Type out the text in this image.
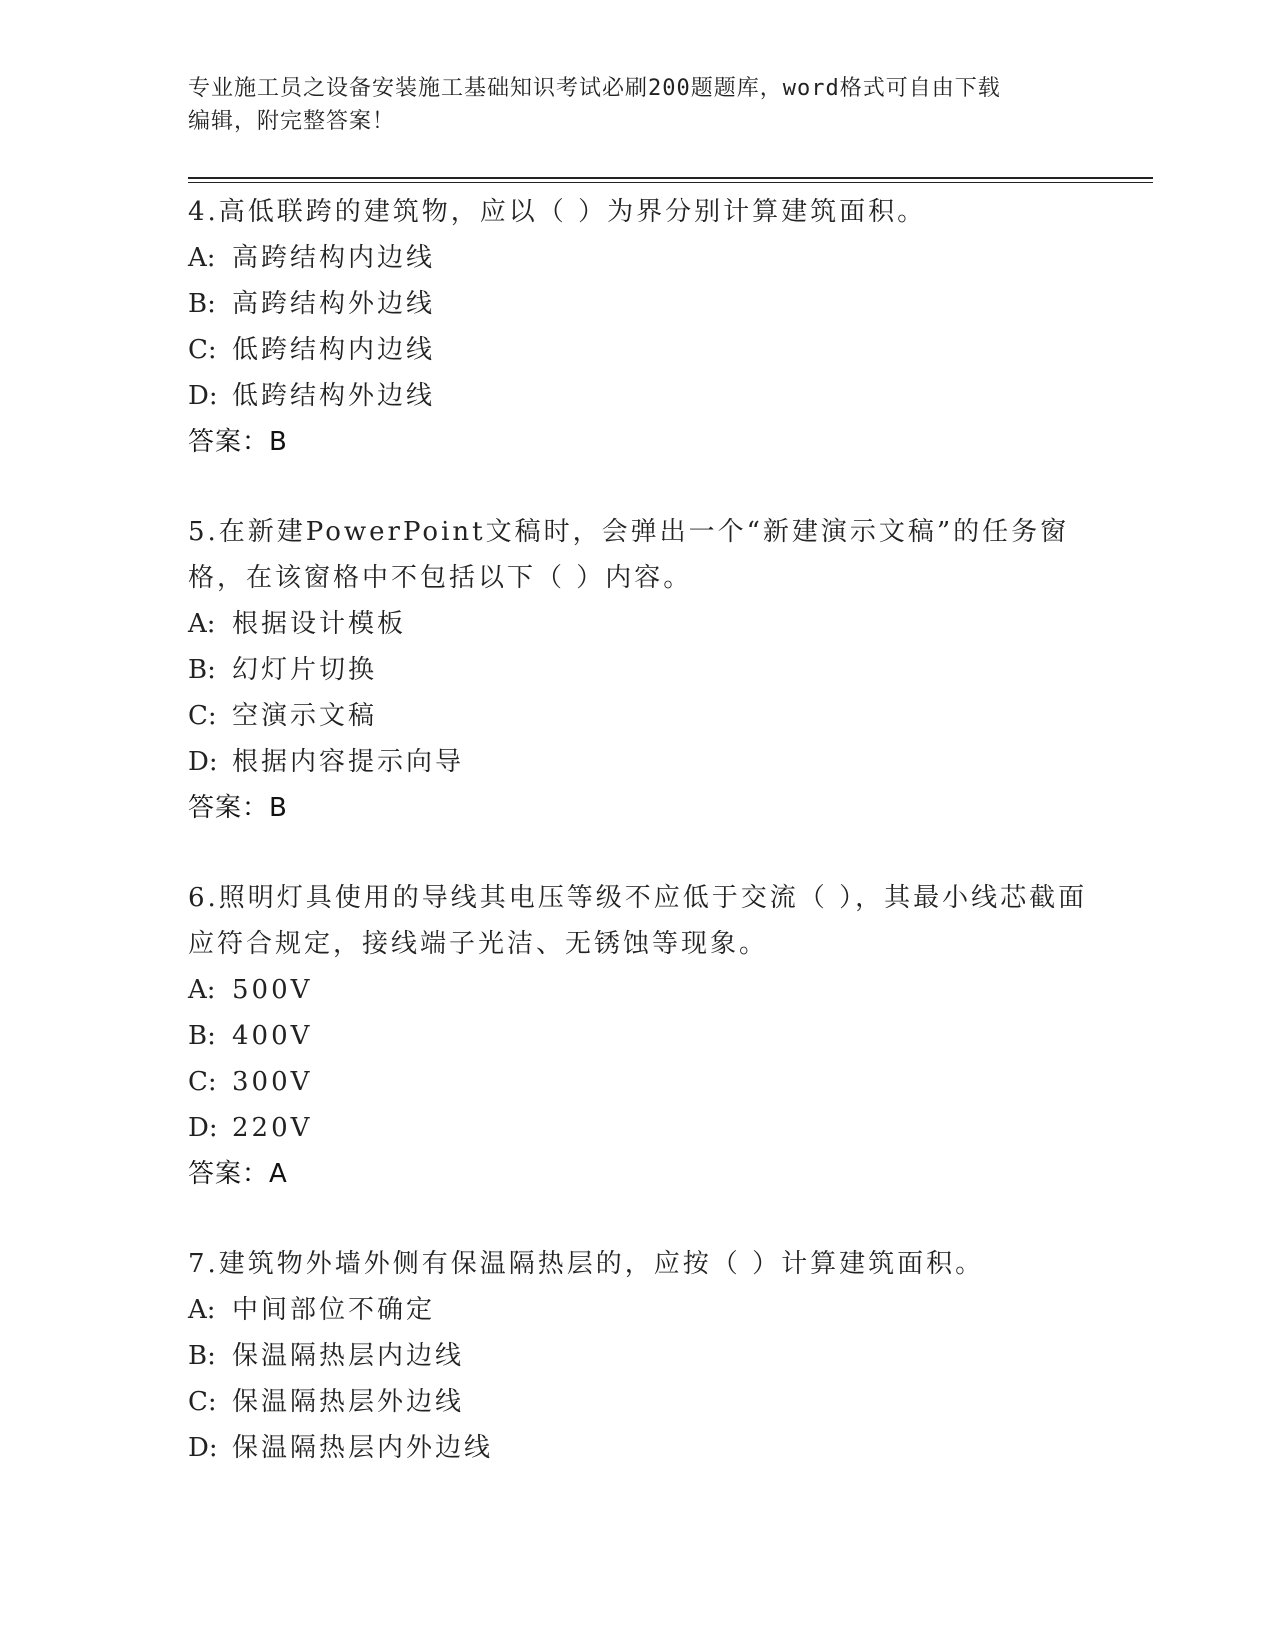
专业施工员之设备安装施工基础知识考试必刷200题题库，word格式可自由下载
编辑，附完整答案！
4.高低联跨的建筑物，应以（ ）为界分别计算建筑面积。
A: 高跨结构内边线
B: 高跨结构外边线
C: 低跨结构内边线
D: 低跨结构外边线
答案：B
5.在新建PowerPoint文稿时，会弹出一个“新建演示文稿”的任务窗格，在该窗格中不包括以下（ ）内容。
A: 根据设计模板
B: 幻灯片切换
C: 空演示文稿
D: 根据内容提示向导
答案：B
6.照明灯具使用的导线其电压等级不应低于交流（ ），其最小线芯截面应符合规定，接线端子光洁、无锈蚀等现象。
A: 500V
B: 400V
C: 300V
D: 220V
答案：A
7.建筑物外墙外侧有保温隔热层的，应按（ ）计算建筑面积。
A: 中间部位不确定
B: 保温隔热层内边线
C: 保温隔热层外边线
D: 保温隔热层内外边线
